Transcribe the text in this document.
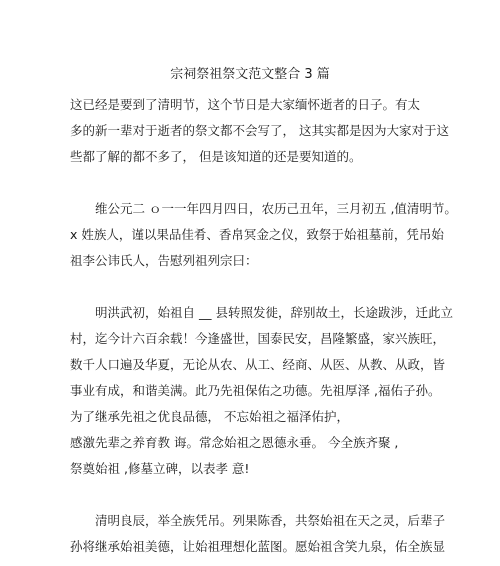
宗祠祭祖祭文范文整合 3 篇
这已经是要到了清明节，这个节日是大家缅怀逝者的日子。有太
多的新一辈对于逝者的祭文都不会写了， 这其实都是因为大家对于这
些都了解的都不多了， 但是该知道的还是要知道的。
维公元二 ｏ一一年四月四日，农历己丑年，三月初五 ,值清明节。
x 姓族人，谨以果品佳肴、香帛冥金之仪，致祭于始祖墓前，凭吊始
祖李公讳氏人，告慰列祖列宗曰：
明洪武初，始祖自 __ 县转照发徙，辞别故土，长途跋涉，迁此立
村，迄今计六百余载！今逢盛世，国泰民安，昌隆繁盛，家兴族旺，
数千人口遍及华夏，无论从农、从工、经商、从医、从教、从政，皆
事业有成，和谐美满。此乃先祖保佑之功德。先祖厚泽 ,福佑子孙。
为了继承先祖之优良品德， 不忘始祖之福泽佑护，
感激先辈之养育教 诲。常念始祖之恩德永垂。 今全族齐聚 ,
祭奠始祖 ,修墓立碑，以表孝 意!
清明良辰，举全族凭吊。列果陈香，共祭始祖在天之灵，后辈子
孙将继承始祖美德，让始祖理想化蓝图。愿始祖含笑九泉，佑全族显
